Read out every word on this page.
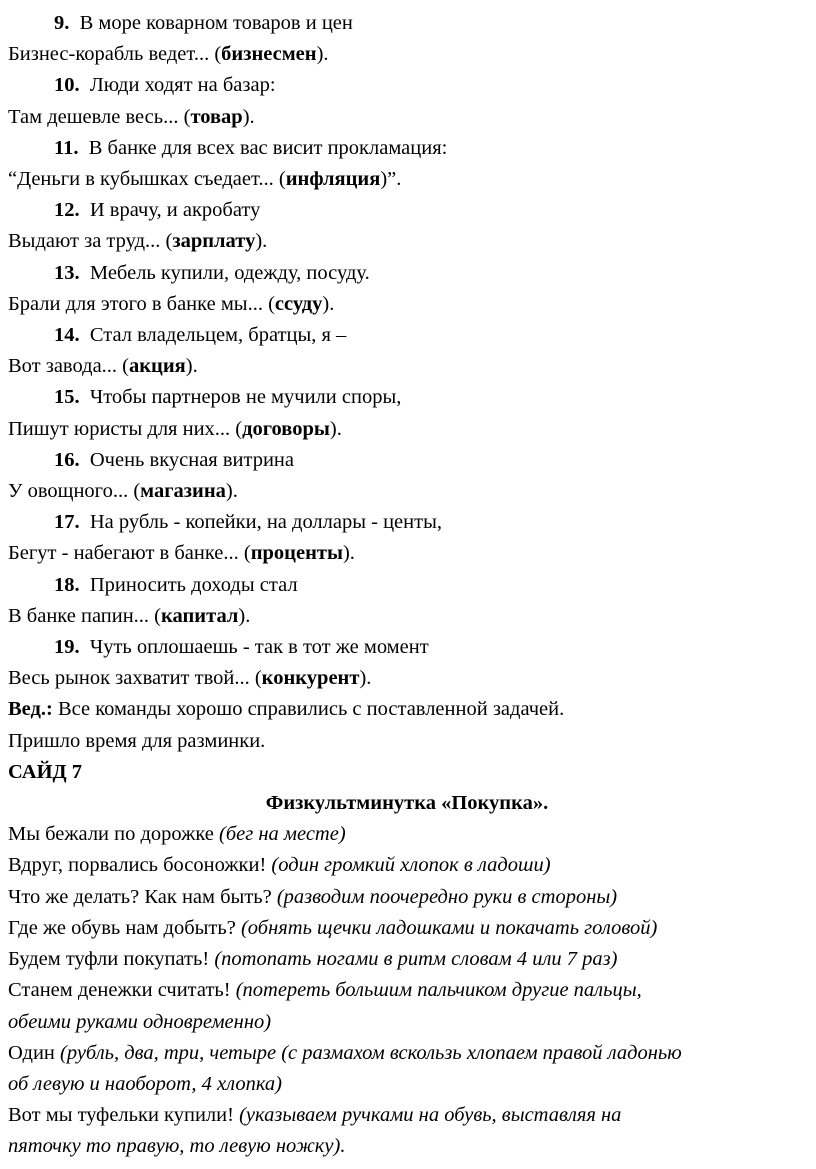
9.  В море коварном товаров и цен
Бизнес-корабль ведет... (бизнесмен).
10.  Люди ходят на базар:
Там дешевле весь... (товар).
11.  В банке для всех вас висит прокламация:
“Деньги в кубышках съедает... (инфляция)”.
12.  И врачу, и акробату
Выдают за труд... (зарплату).
13.  Мебель купили, одежду, посуду.
Брали для этого в банке мы... (ссуду).
14.  Стал владельцем, братцы, я –
Вот завода... (акция).
15.  Чтобы партнеров не мучили споры,
Пишут юристы для них... (договоры).
16.  Очень вкусная витрина
У овощного... (магазина).
17.  На рубль - копейки, на доллары - центы,
Бегут - набегают в банке... (проценты).
18.  Приносить доходы стал
В банке папин... (капитал).
19.  Чуть оплошаешь - так в тот же момент
Весь рынок захватит твой... (конкурент).
Вед.: Все команды хорошо справились с поставленной задачей.
Пришло время для разминки.
САЙД 7
Физкультминутка «Покупка».
Мы бежали по дорожке (бег на месте)
Вдруг, порвались босоножки! (один громкий хлопок в ладоши)
Что же делать? Как нам быть? (разводим поочередно руки в стороны)
Где же обувь нам добыть? (обнять щечки ладошками и покачать головой)
Будем туфли покупать! (потопать ногами в ритм словам 4 или 7 раз)
Станем денежки считать! (потереть большим пальчиком другие пальцы,
обеими руками одновременно)
Один (рубль, два, три, четыре (с размахом вскользь хлопаем правой ладонью
об левую и наоборот, 4 хлопка)
Вот мы туфельки купили! (указываем ручками на обувь, выставляя на
пяточку то правую, то левую ножку).
